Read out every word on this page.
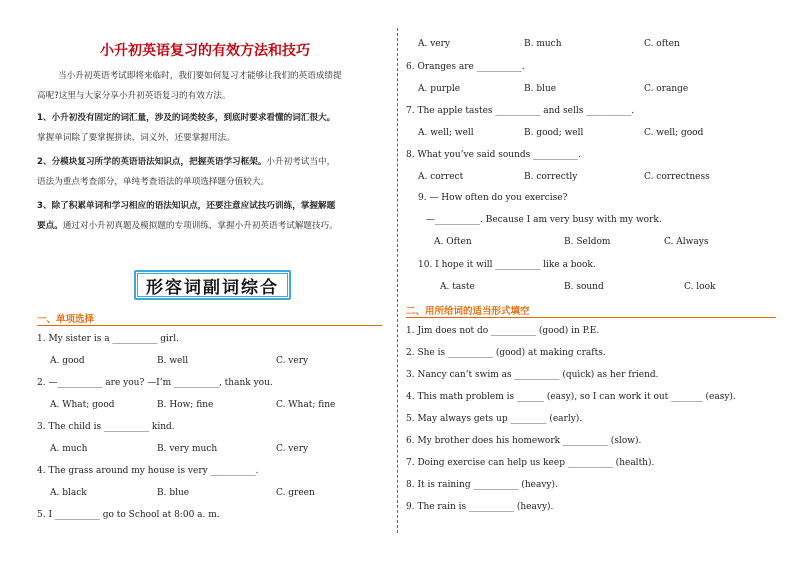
小升初英语复习的有效方法和技巧
当小升初英语考试即将来临时，我们要如何复习才能够让我们的英语成绩提
高呢?这里与大家分享小升初英语复习的有效方法。
1、小升初没有固定的词汇量，涉及的词类较多，到底时要求看懂的词汇很大。
掌握单词除了要掌握拼读、词义外，还要掌握用法。
2、分模块复习所学的英语语法知识点，把握英语学习框架。小升初考试当中，
语法为重点考查部分，单纯考查语法的单项选择题分值较大。
3、除了积累单词和学习相应的语法知识点，还要注意应试技巧训练，掌握解题
要点。通过对小升初真题及模拟题的专项训练，掌握小升初英语考试解题技巧。
形容词副词综合
一、单项选择
1. My sister is a __________ girl.
A. good	B. well	C. very
2. —__________ are you? —I’m __________, thank you.
A. What; good	B. How; fine	C. What; fine
3. The child is __________ kind.
A. much	B. very much	C. very
4. The grass around my house is very __________.
A. black	B. blue	C. green
5. I __________ go to School at 8:00 a. m.
A. very	B. much	C. often
6. Oranges are __________.
A. purple	B. blue	C. orange
7. The apple tastes __________ and sells __________.
A. well; well	B. good; well	C. well; good
8. What you’ve said sounds __________.
A. correct	B. correctly	C. correctness
9. — How often do you exercise?
—__________. Because I am very busy with my work.
A. Often	B. Seldom	C. Always
10. I hope it will __________ like a book.
A. taste	B. sound	C. look
二、用所给词的适当形式填空
1. Jim does not do __________ (good) in P.E.
2. She is __________ (good) at making crafts.
3. Nancy can’t swim as __________ (quick) as her friend.
4. This math problem is ______ (easy), so I can work it out _______ (easy).
5. May always gets up ________ (early).
6. My brother does his homework __________ (slow).
7. Doing exercise can help us keep __________ (health).
8. It is raining __________ (heavy).
9. The rain is __________ (heavy).
